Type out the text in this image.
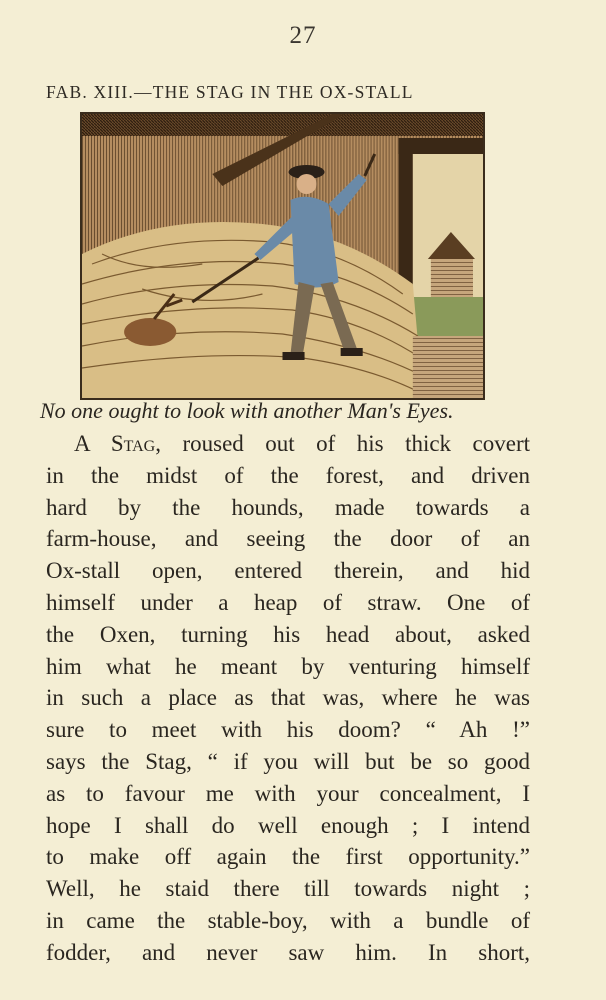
27
FAB. XIII.—THE STAG IN THE OX-STALL
No one ought to look with another Man's Eyes.
A Stag, roused out of his thick covert
in the midst of the forest, and driven
hard by the hounds, made towards a
farm-house, and seeing the door of an
Ox-stall open, entered therein, and hid
himself under a heap of straw. One of
the Oxen, turning his head about, asked
him what he meant by venturing himself
in such a place as that was, where he was
sure to meet with his doom? “ Ah !”
says the Stag, “ if you will but be so good
as to favour me with your concealment, I
hope I shall do well enough ; I intend
to make off again the first opportunity.”
Well, he staid there till towards night ;
in came the stable-boy, with a bundle of
fodder, and never saw him. In short,
